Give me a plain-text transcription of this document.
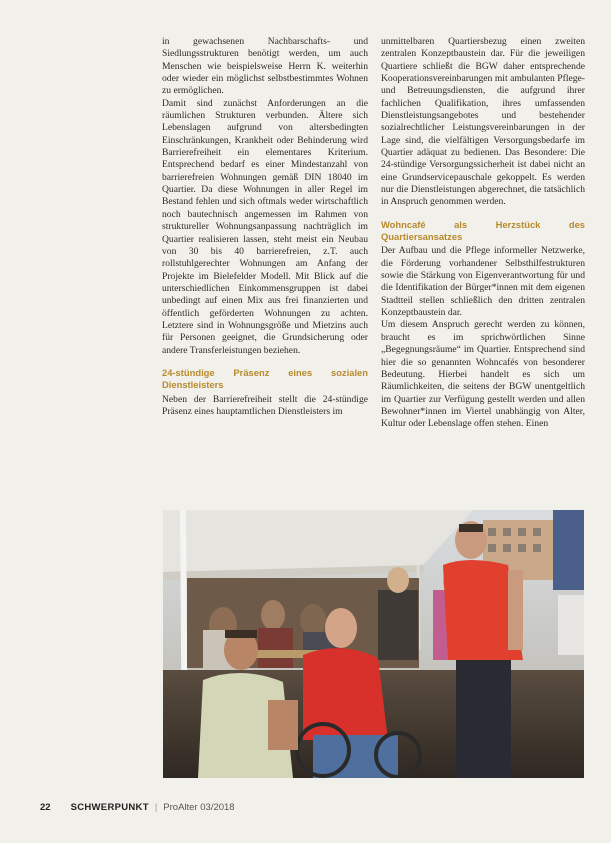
in gewachsenen Nachbarschafts- und Siedlungsstrukturen benötigt werden, um auch Menschen wie beispielsweise Herrn K. weiterhin oder wieder ein möglichst selbstbestimmtes Wohnen zu ermöglichen.

Damit sind zunächst Anforderungen an die räumlichen Strukturen verbunden. Ältere sich Lebenslagen aufgrund von altersbedingten Einschränkungen, Krankheit oder Behinderung wird Barrierefreiheit ein elementares Kriterium. Entsprechend bedarf es einer Mindestanzahl von barrierefreien Wohnungen gemäß DIN 18040 im Quartier. Da diese Wohnungen in aller Regel im Bestand fehlen und sich oftmals weder wirtschaftlich noch bautechnisch angemessen im Rahmen von struktureller Wohnungsanpassung nachträglich im Quartier realisieren lassen, steht meist ein Neubau von 30 bis 40 barrierefreien, z.T. auch rollstuhlgerechter Wohnungen am Anfang der Projekte im Bielefelder Modell. Mit Blick auf die unterschiedlichen Einkommensgruppen ist dabei unbedingt auf einen Mix aus frei finanzierten und öffentlich geförderten Wohnungen zu achten. Letztere sind in Wohnungsgröße und Mietzins auch für Personen geeignet, die Grundsicherung oder andere Transferleistungen beziehen.

24-stündige Präsenz eines sozialen Dienstleisters

Neben der Barrierefreiheit stellt die 24-stündige Präsenz eines hauptamtlichen Dienstleisters im

unmittelbaren Quartiersbezug einen zweiten zentralen Konzeptbaustein dar. Für die jeweiligen Quartiere schließt die BGW daher entsprechende Kooperationsvereinbarungen mit ambulanten Pflege- und Betreuungsdiensten, die aufgrund ihrer fachlichen Qualifikation, ihres umfassenden Dienstleistungsangebotes und bestehender sozialrechtlicher Leistungsvereinbarungen in der Lage sind, die vielfältigen Versorgungsbedarfe im Quartier adäquat zu bedienen. Das Besondere: Die 24-stündige Versorgungssicherheit ist dabei nicht an eine Grundservicepauschale gekoppelt. Es werden nur die Dienstleistungen abgerechnet, die tatsächlich in Anspruch genommen werden.

Wohncafé als Herzstück des Quartiersansatzes

Der Aufbau und die Pflege informeller Netzwerke, die Förderung vorhandener Selbsthilfestrukturen sowie die Stärkung von Eigenverantwortung für und die Identifikation der Bürger*innen mit dem eigenen Stadtteil stellen schließlich den dritten zentralen Konzeptbaustein dar.

Um diesem Anspruch gerecht werden zu können, braucht es im sprichwörtlichen Sinne „Begegnungsräume“ im Quartier. Entsprechend sind hier die so genannten Wohncafés von besonderer Bedeutung. Hierbei handelt es sich um Räumlichkeiten, die seitens der BGW unentgeltlich im Quartier zur Verfügung gestellt werden und allen Bewohner*innen im Viertel unabhängig von Alter, Kultur oder Lebenslage offen stehen. Einen

22 SCHWERPUNKT | ProAlter 03/2018
